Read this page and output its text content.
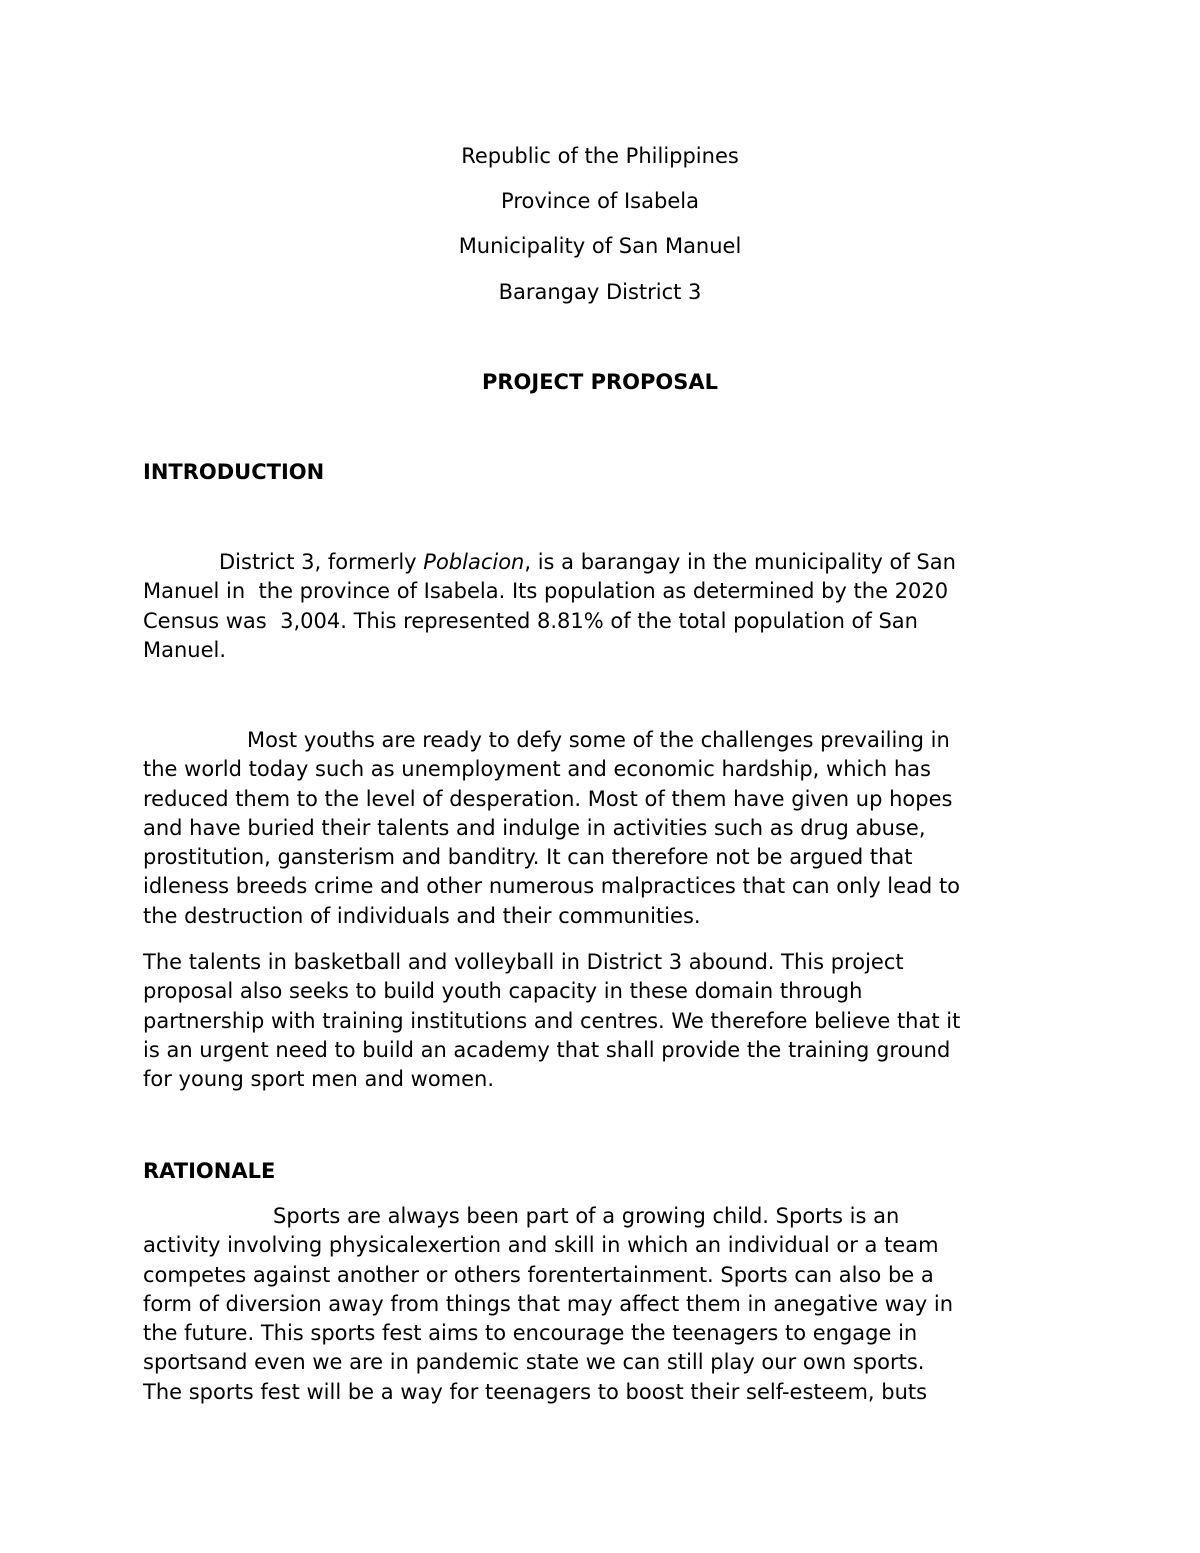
Republic of the Philippines
Province of Isabela
Municipality of San Manuel
Barangay District 3
PROJECT PROPOSAL
INTRODUCTION
District 3, formerly Poblacion, is a barangay in the municipality of San
Manuel in  the province of Isabela. Its population as determined by the 2020
Census was  3,004. This represented 8.81% of the total population of San
Manuel.
Most youths are ready to defy some of the challenges prevailing in
the world today such as unemployment and economic hardship, which has
reduced them to the level of desperation. Most of them have given up hopes
and have buried their talents and indulge in activities such as drug abuse,
prostitution, gansterism and banditry. It can therefore not be argued that
idleness breeds crime and other numerous malpractices that can only lead to
the destruction of individuals and their communities.
The talents in basketball and volleyball in District 3 abound. This project
proposal also seeks to build youth capacity in these domain through
partnership with training institutions and centres. We therefore believe that it
is an urgent need to build an academy that shall provide the training ground
for young sport men and women.
RATIONALE
Sports are always been part of a growing child. Sports is an
activity involving physicalexertion and skill in which an individual or a team
competes against another or others forentertainment. Sports can also be a
form of diversion away from things that may affect them in anegative way in
the future. This sports fest aims to encourage the teenagers to engage in
sportsand even we are in pandemic state we can still play our own sports.
The sports fest will be a way for teenagers to boost their self-esteem, buts
